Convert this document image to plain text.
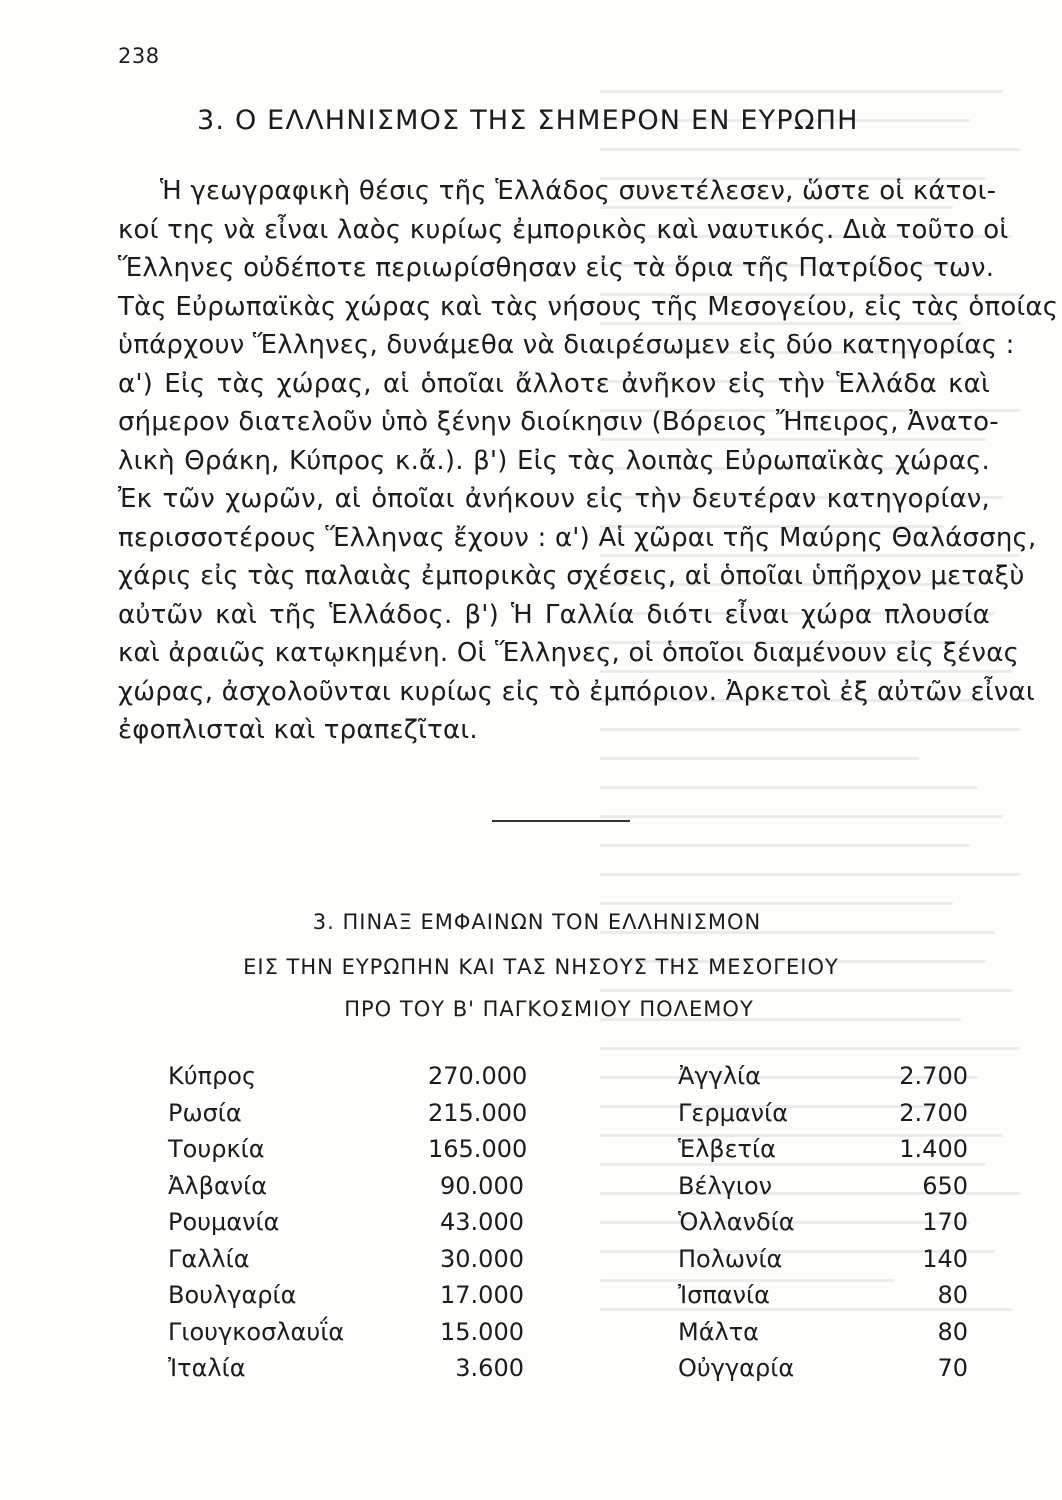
238
3. Ο ΕΛΛΗΝΙΣΜΟΣ ΤΗΣ ΣΗΜΕΡΟΝ ΕΝ ΕΥΡΩΠΗ
Ἡ γεωγραφικὴ θέσις τῆς Ἑλλάδος συνετέλεσεν, ὥστε οἱ κάτοι-
κοί της νὰ εἶναι λαὸς κυρίως ἐμπορικὸς καὶ ναυτικός. Διὰ τοῦτο οἱ
Ἕλληνες οὐδέποτε περιωρίσθησαν εἰς τὰ ὅρια τῆς Πατρίδος των.
Τὰς Εὐρωπαϊκὰς χώρας καὶ τὰς νήσους τῆς Μεσογείου, εἰς τὰς ὁποίας
ὑπάρχουν Ἕλληνες, δυνάμεθα νὰ διαιρέσωμεν εἰς δύο κατηγορίας :
α') Εἰς τὰς χώρας, αἱ ὁποῖαι ἄλλοτε ἀνῆκον εἰς τὴν Ἑλλάδα καὶ
σήμερον διατελοῦν ὑπὸ ξένην διοίκησιν (Βόρειος Ἤπειρος, Ἀνατο-
λικὴ Θράκη, Κύπρος κ.ἄ.). β') Εἰς τὰς λοιπὰς Εὐρωπαϊκὰς χώρας.
Ἐκ τῶν χωρῶν, αἱ ὁποῖαι ἀνήκουν εἰς τὴν δευτέραν κατηγορίαν,
περισσοτέρους Ἕλληνας ἔχουν : α') Αἱ χῶραι τῆς Μαύρης Θαλάσσης,
χάρις εἰς τὰς παλαιὰς ἐμπορικὰς σχέσεις, αἱ ὁποῖαι ὑπῆρχον μεταξὺ
αὐτῶν καὶ τῆς Ἑλλάδος. β') Ἡ Γαλλία διότι εἶναι χώρα πλουσία
καὶ ἀραιῶς κατῳκημένη. Οἱ Ἕλληνες, οἱ ὁποῖοι διαμένουν εἰς ξένας
χώρας, ἀσχολοῦνται κυρίως εἰς τὸ ἐμπόριον. Ἀρκετοὶ ἐξ αὐτῶν εἶναι
ἐφοπλισταὶ καὶ τραπεζῖται.
3. ΠΙΝΑΞ ΕΜΦΑΙΝΩΝ ΤΟΝ ΕΛΛΗΝΙΣΜΟΝ
ΕΙΣ ΤΗΝ ΕΥΡΩΠΗΝ ΚΑΙ ΤΑΣ ΝΗΣΟΥΣ ΤΗΣ ΜΕΣΟΓΕΙΟΥ
ΠΡΟ ΤΟΥ Β' ΠΑΓΚΟΣΜΙΟΥ ΠΟΛΕΜΟΥ
Κύπρος	270.000	Ἀγγλία	2.700
Ρωσία	215.000	Γερμανία	2.700
Τουρκία	165.000	Ἑλβετία	1.400
Ἀλβανία	90.000	Βέλγιον	650
Ρουμανία	43.000	Ὁλλανδία	170
Γαλλία	30.000	Πολωνία	140
Βουλγαρία	17.000	Ἰσπανία	80
Γιουγκοσλαυΐα	15.000	Μάλτα	80
Ἰταλία	3.600	Οὐγγαρία	70
